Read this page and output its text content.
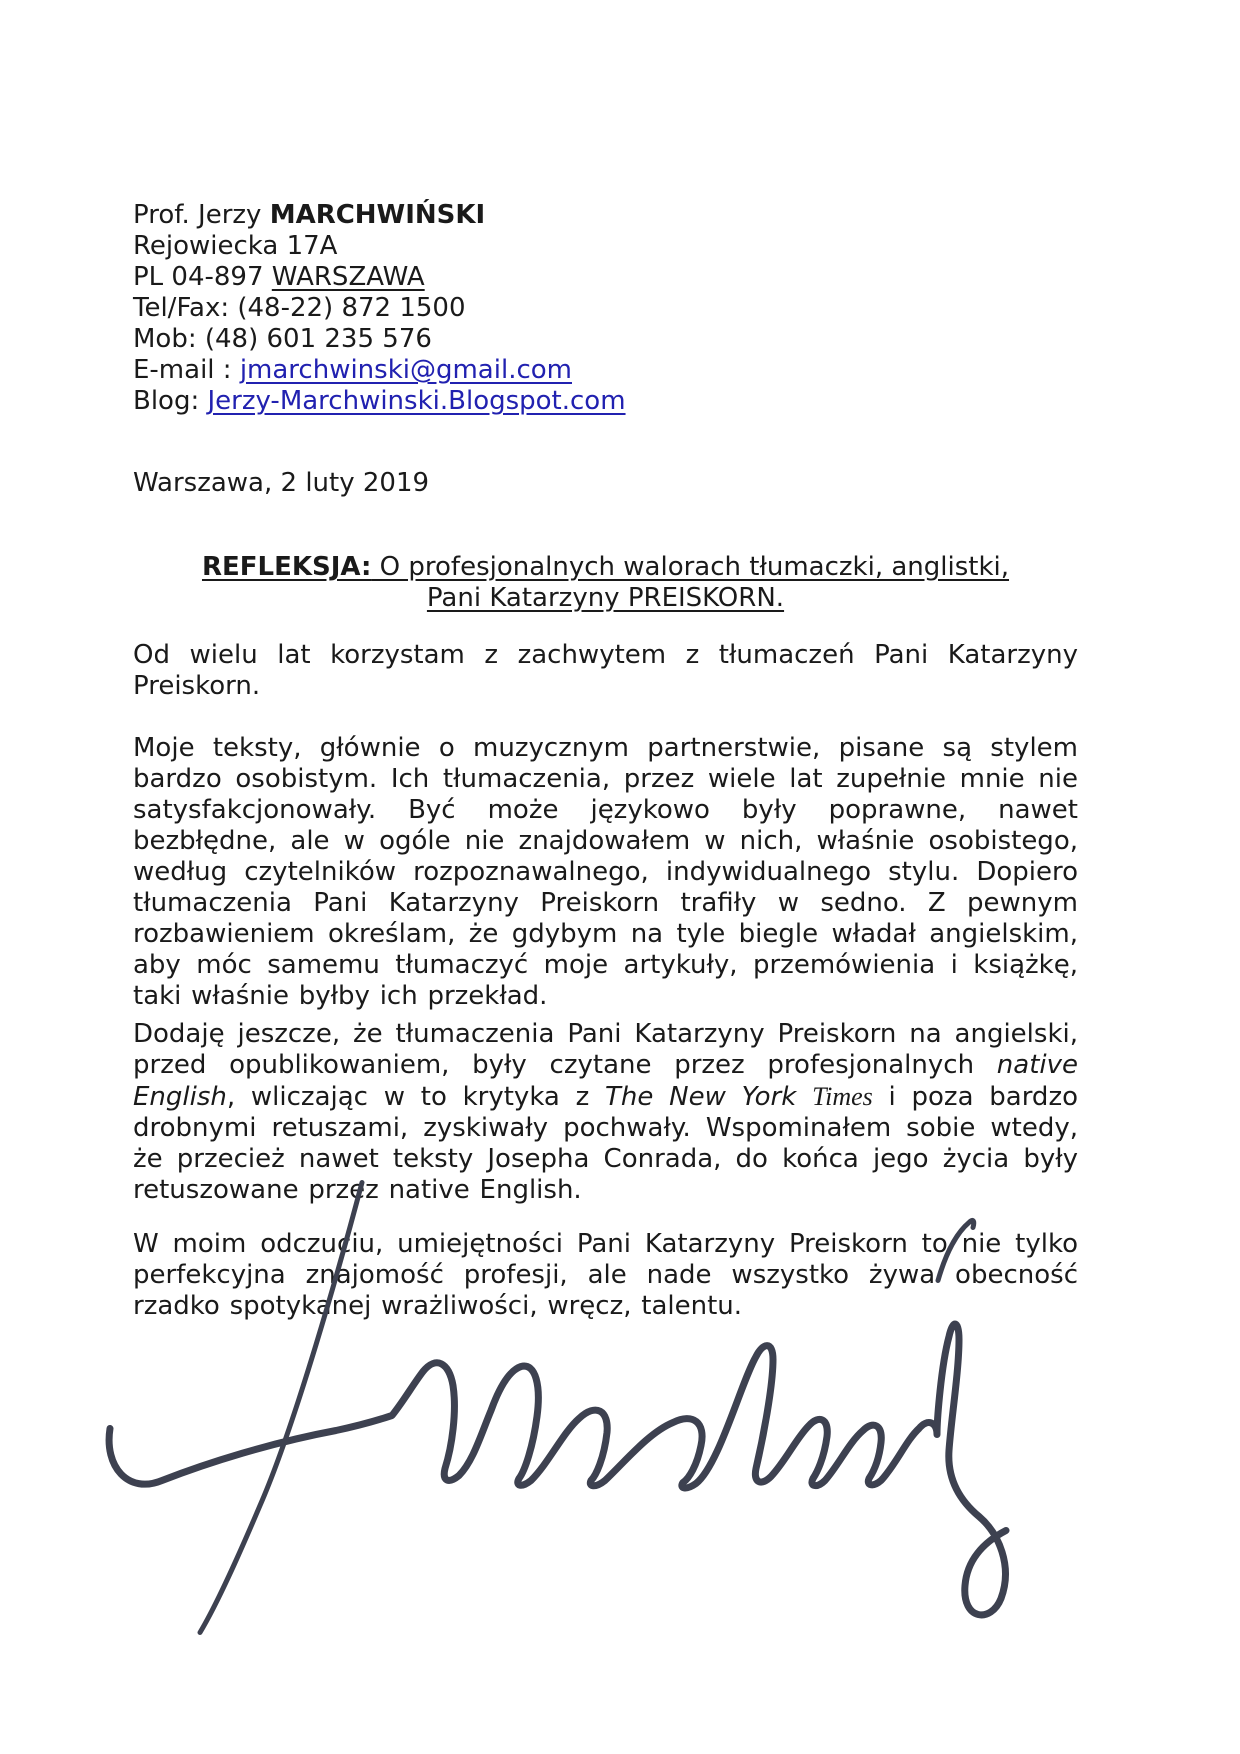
Prof. Jerzy MARCHWIŃSKI
Rejowiecka 17A
PL 04-897 WARSZAWA
Tel/Fax: (48-22) 872 1500
Mob: (48) 601 235 576
E-mail : jmarchwinski@gmail.com
Blog: Jerzy-Marchwinski.Blogspot.com
Warszawa, 2 luty 2019
REFLEKSJA: O profesjonalnych walorach tłumaczki, anglistki,
Pani Katarzyny PREISKORN.
Od wielu lat korzystam z zachwytem z tłumaczeń Pani Katarzyny Preiskorn.
Moje teksty, głównie o muzycznym partnerstwie, pisane są stylem bardzo osobistym. Ich tłumaczenia, przez wiele lat zupełnie mnie nie satysfakcjonowały. Być może językowo były poprawne, nawet bezbłędne, ale w ogóle nie znajdowałem w nich, właśnie osobistego, według czytelników rozpoznawalnego, indywidualnego stylu. Dopiero tłumaczenia Pani Katarzyny Preiskorn trafiły w sedno. Z pewnym rozbawieniem określam, że gdybym na tyle biegle władał angielskim, aby móc samemu tłumaczyć moje artykuły, przemówienia i książkę, taki właśnie byłby ich przekład.
Dodaję jeszcze, że tłumaczenia Pani Katarzyny Preiskorn na angielski, przed opublikowaniem, były czytane przez profesjonalnych native English, wliczając w to krytyka z The New York Times i poza bardzo drobnymi retuszami, zyskiwały pochwały. Wspominałem sobie wtedy, że przecież nawet teksty Josepha Conrada, do końca jego życia były retuszowane przez native English.
W moim odczuciu, umiejętności Pani Katarzyny Preiskorn to nie tylko perfekcyjna znajomość profesji, ale nade wszystko żywa obecność rzadko spotykanej wrażliwości, wręcz, talentu.
